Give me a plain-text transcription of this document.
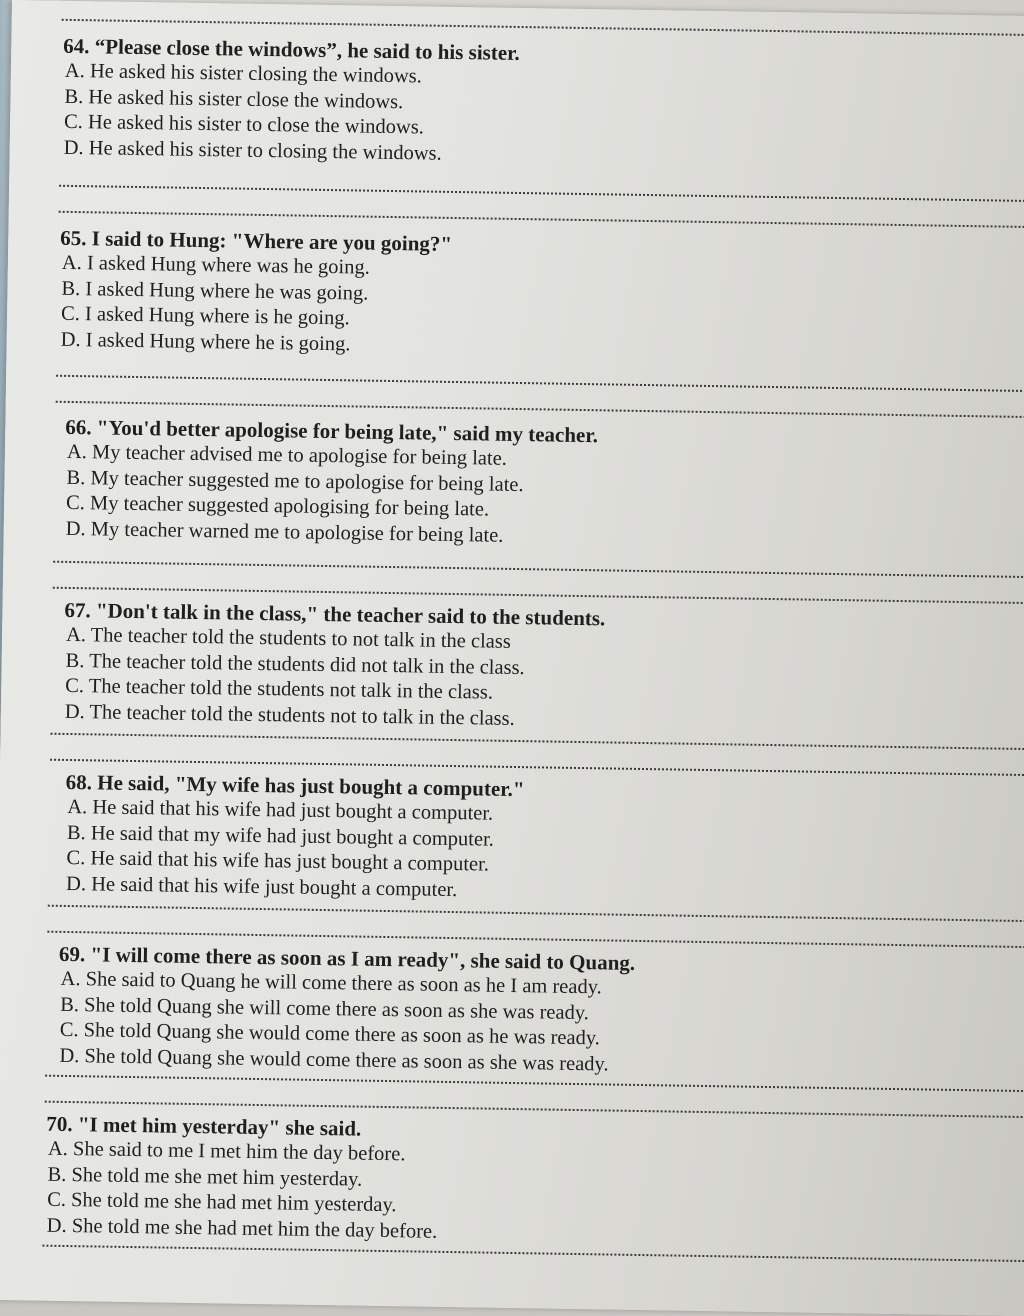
64. “Please close the windows”, he said to his sister.

A. He asked his sister closing the windows.

B. He asked his sister close the windows.

C. He asked his sister to close the windows.

D. He asked his sister to closing the windows.

65. I said to Hung: "Where are you going?"

A. I asked Hung where was he going.

B. I asked Hung where he was going.

C. I asked Hung where is he going.

D. I asked Hung where he is going.

66. "You'd better apologise for being late," said my teacher.

A. My teacher advised me to apologise for being late.

B. My teacher suggested me to apologise for being late.

C. My teacher suggested apologising for being late.

D. My teacher warned me to apologise for being late.

67. "Don't talk in the class," the teacher said to the students.

A. The teacher told the students to not talk in the class

B. The teacher told the students did not talk in the class.

C. The teacher told the students not talk in the class.

D. The teacher told the students not to talk in the class.

68. He said, "My wife has just bought a computer."

A. He said that his wife had just bought a computer.

B. He said that my wife had just bought a computer.

C. He said that his wife has just bought a computer.

D. He said that his wife just bought a computer.

69. "I will come there as soon as I am ready", she said to Quang.

A. She said to Quang he will come there as soon as he I am ready.

B. She told Quang she will come there as soon as she was ready.

C. She told Quang she would come there as soon as he was ready.

D. She told Quang she would come there as soon as she was ready.

70. "I met him yesterday" she said.

A. She said to me I met him the day before.

B. She told me she met him yesterday.

C. She told me she had met him yesterday.

D. She told me she had met him the day before.
